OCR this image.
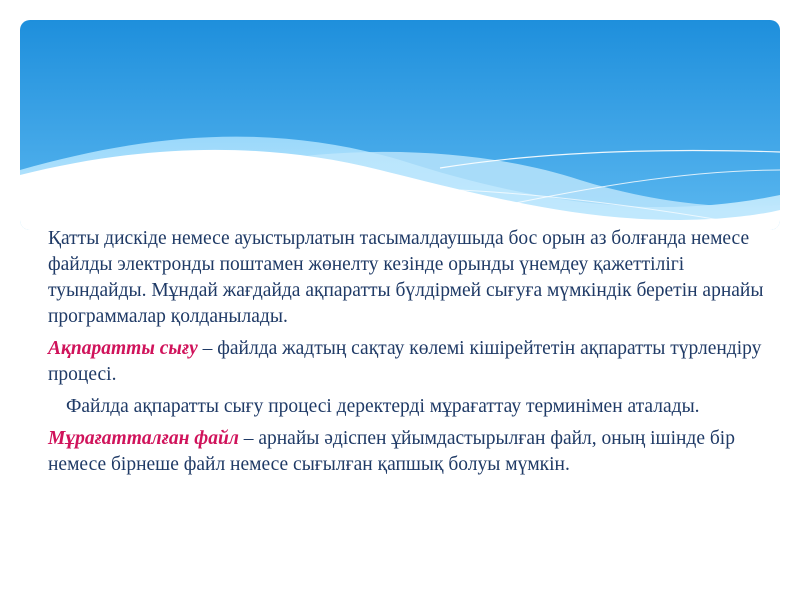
Қатты дискіде немесе ауыстырлатын тасымалдаушыда бос орын аз болғанда немесе файлды электронды поштамен жөнелту кезінде орынды үнемдеу қажеттілігі туындайды. Мұндай жағдайда ақпаратты бүлдірмей сығуға мүмкіндік беретін арнайы программалар қолданылады.

Ақпаратты сығу – файлда жадтың сақтау көлемі кішірейтетін ақпаратты түрлендіру процесі.

Файлда ақпаратты сығу процесі деректерді мұрағаттау терминімен аталады.

Мұрағатталған файл – арнайы әдіспен ұйымдастырылған файл, оның ішінде бір немесе бірнеше файл немесе сығылған қапшық болуы мүмкін.
